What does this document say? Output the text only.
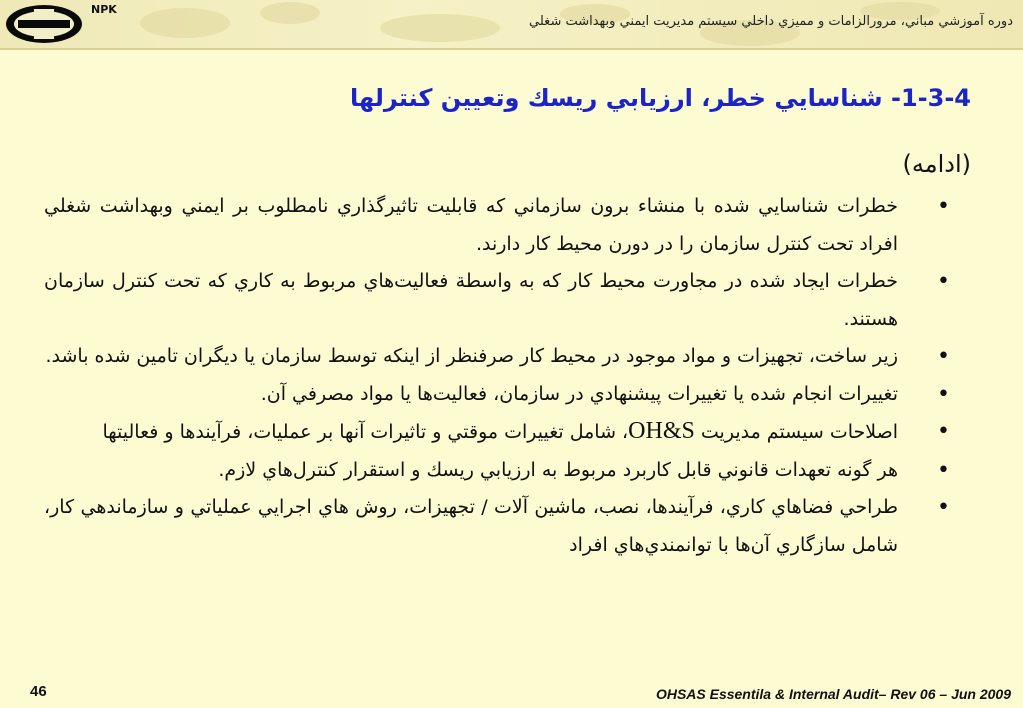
NPK
دوره آموزشي مباني، مرورالزامات و مميزي داخلي سيستم مديريت ايمني وبهداشت شغلي
1-3-4- شناسايي خطر، ارزيابي ريسك وتعيين كنترلها
(ادامه)
•
خطرات شناسايي شده با منشاء برون سازماني كه قابليت تاثيرگذاري نامطلوب بر ايمني وبهداشت شغلي افراد تحت كنترل سازمان را در دورن محيط كار دارند.
•
خطرات ايجاد شده در مجاورت محيط كار كه به واسطة فعاليت‌هاي مربوط به كاري كه تحت كنترل سازمان هستند.
•
زير ساخت، تجهيزات و مواد موجود در محيط كار صرفنظر از اينكه توسط سازمان يا ديگران تامين شده باشد.
•
تغييرات انجام شده يا تغييرات پيشنهادي در سازمان، فعاليت‌ها يا مواد مصرفي آن.
•
اصلاحات سيستم مديريت OH&S، شامل تغييرات موقتي و تاثيرات آنها بر عمليات، فرآيندها و فعاليتها
•
هر گونه تعهدات قانوني قابل كاربرد مربوط به ارزيابي ريسك و استقرار كنترل‌هاي لازم.
•
طراحي فضاهاي كاري، فرآيندها، نصب، ماشين آلات / تجهيزات، روش هاي اجرايي عملياتي و سازماندهي كار، شامل سازگاري آن‌ها با توانمندي‌هاي افراد
46	OHSAS Essentila & Internal Audit– Rev 06 – Jun 2009
